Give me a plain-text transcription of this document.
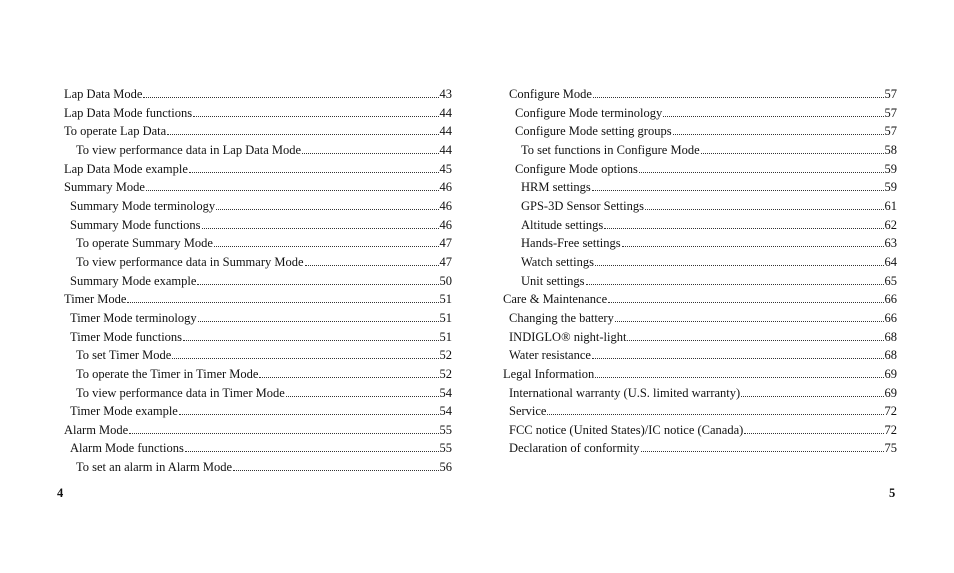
Lap Data Mode	43
Lap Data Mode functions	44
To operate Lap Data	44
To view performance data in Lap Data Mode	44
Lap Data Mode example	45
Summary Mode	46
Summary Mode terminology	46
Summary Mode functions	46
To operate Summary Mode	47
To view performance data in Summary Mode	47
Summary Mode example	50
Timer Mode	51
Timer Mode terminology	51
Timer Mode functions	51
To set Timer Mode	52
To operate the Timer in Timer Mode	52
To view performance data in Timer Mode	54
Timer Mode example	54
Alarm Mode	55
Alarm Mode functions	55
To set an alarm in Alarm Mode	56
Configure Mode	57
Configure Mode terminology	57
Configure Mode setting groups	57
To set functions in Configure Mode	58
Configure Mode options	59
HRM settings	59
GPS-3D Sensor Settings	61
Altitude settings	62
Hands-Free settings	63
Watch settings	64
Unit settings	65
Care & Maintenance	66
Changing the battery	66
INDIGLO® night-light	68
Water resistance	68
Legal Information	69
International warranty (U.S. limited warranty)	69
Service	72
FCC notice (United States)/IC notice (Canada)	72
Declaration of conformity	75
4	5
